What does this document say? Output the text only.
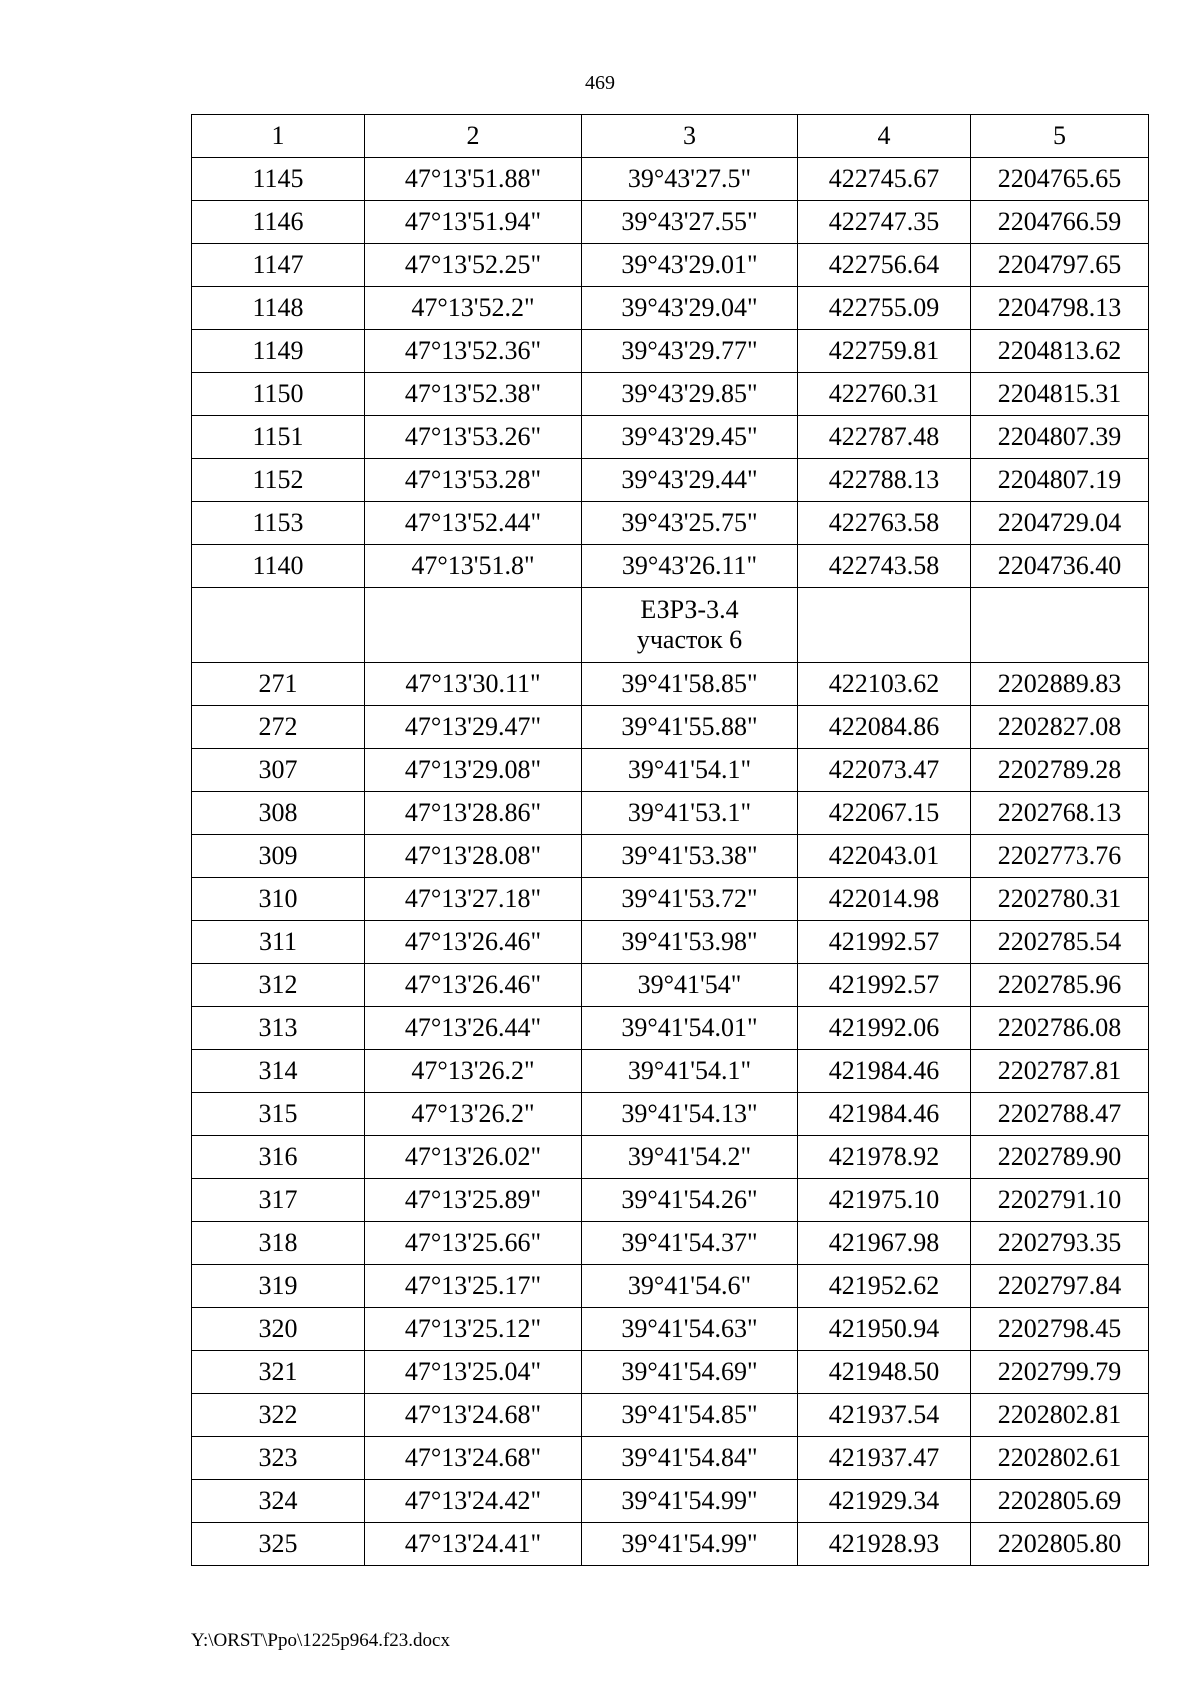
469
1	2	3	4	5
1145	47°13'51.88"	39°43'27.5"	422745.67	2204765.65
1146	47°13'51.94"	39°43'27.55"	422747.35	2204766.59
1147	47°13'52.25"	39°43'29.01"	422756.64	2204797.65
1148	47°13'52.2"	39°43'29.04"	422755.09	2204798.13
1149	47°13'52.36"	39°43'29.77"	422759.81	2204813.62
1150	47°13'52.38"	39°43'29.85"	422760.31	2204815.31
1151	47°13'53.26"	39°43'29.45"	422787.48	2204807.39
1152	47°13'53.28"	39°43'29.44"	422788.13	2204807.19
1153	47°13'52.44"	39°43'25.75"	422763.58	2204729.04
1140	47°13'51.8"	39°43'26.11"	422743.58	2204736.40

		ЕЗРЗ-3.4
участок 6		

271	47°13'30.11"	39°41'58.85"	422103.62	2202889.83
272	47°13'29.47"	39°41'55.88"	422084.86	2202827.08
307	47°13'29.08"	39°41'54.1"	422073.47	2202789.28
308	47°13'28.86"	39°41'53.1"	422067.15	2202768.13
309	47°13'28.08"	39°41'53.38"	422043.01	2202773.76
310	47°13'27.18"	39°41'53.72"	422014.98	2202780.31
311	47°13'26.46"	39°41'53.98"	421992.57	2202785.54
312	47°13'26.46"	39°41'54"	421992.57	2202785.96
313	47°13'26.44"	39°41'54.01"	421992.06	2202786.08
314	47°13'26.2"	39°41'54.1"	421984.46	2202787.81
315	47°13'26.2"	39°41'54.13"	421984.46	2202788.47
316	47°13'26.02"	39°41'54.2"	421978.92	2202789.90
317	47°13'25.89"	39°41'54.26"	421975.10	2202791.10
318	47°13'25.66"	39°41'54.37"	421967.98	2202793.35
319	47°13'25.17"	39°41'54.6"	421952.62	2202797.84
320	47°13'25.12"	39°41'54.63"	421950.94	2202798.45
321	47°13'25.04"	39°41'54.69"	421948.50	2202799.79
322	47°13'24.68"	39°41'54.85"	421937.54	2202802.81
323	47°13'24.68"	39°41'54.84"	421937.47	2202802.61
324	47°13'24.42"	39°41'54.99"	421929.34	2202805.69
325	47°13'24.41"	39°41'54.99"	421928.93	2202805.80
Y:\ORST\Ppo\1225p964.f23.docx
